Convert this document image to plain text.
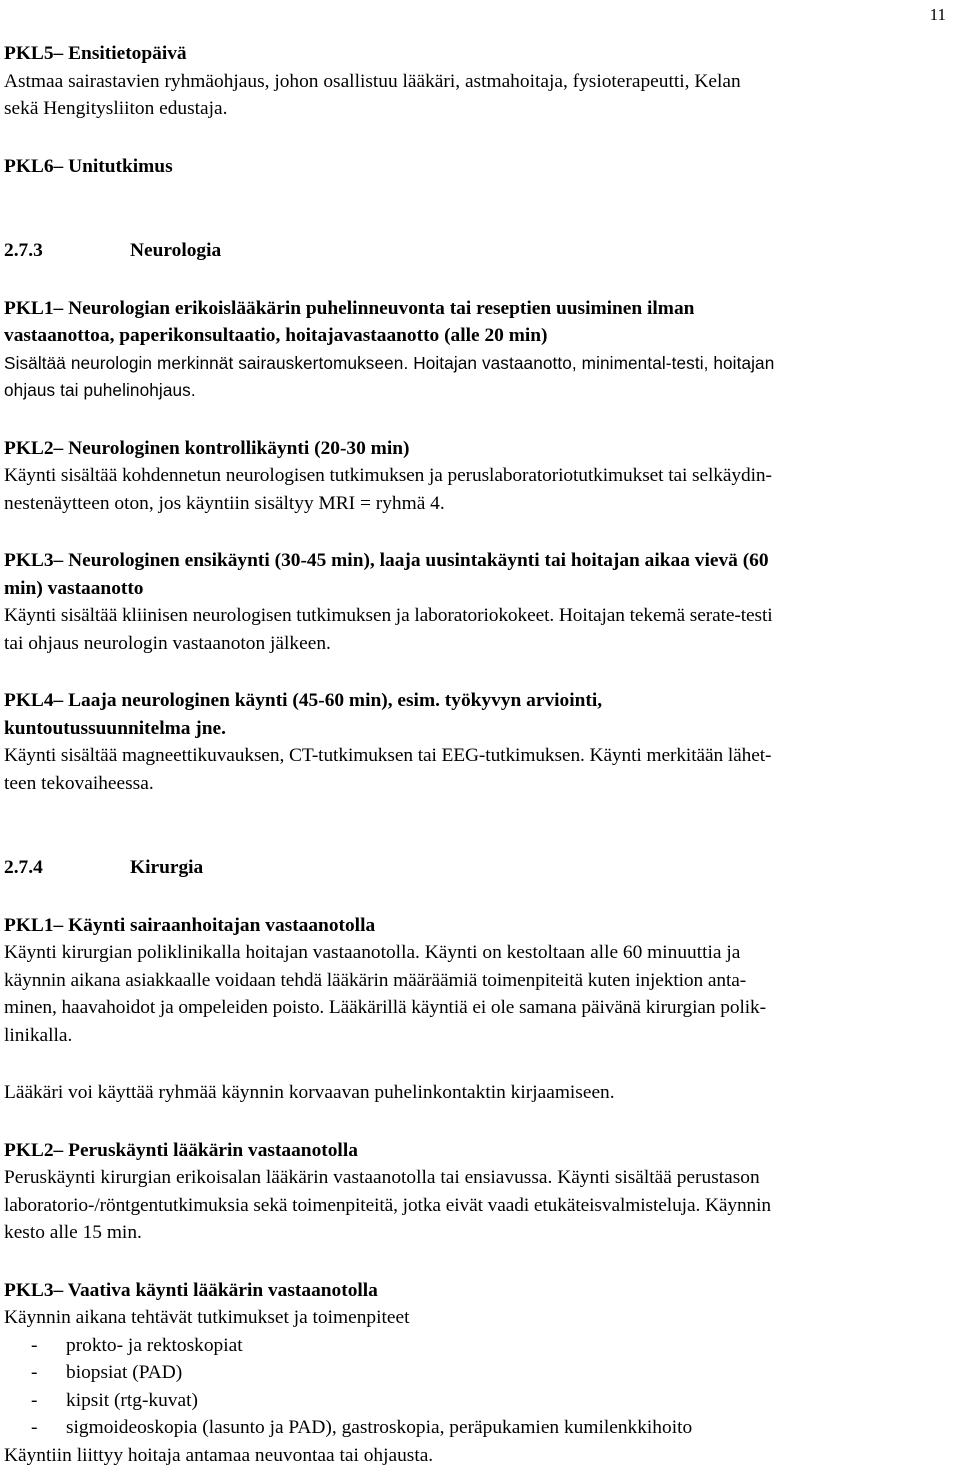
11
PKL5– Ensitietopäivä
Astmaa sairastavien ryhmäohjaus, johon osallistuu lääkäri, astmahoitaja, fysioterapeutti, Kelan
sekä Hengitysliiton edustaja.
PKL6– Unitutkimus
2.7.3	Neurologia
PKL1– Neurologian erikoislääkärin puhelinneuvonta tai reseptien uusiminen ilman
vastaanottoa, paperikonsultaatio, hoitajavastaanotto (alle 20 min)
Sisältää neurologin merkinnät sairauskertomukseen. Hoitajan vastaanotto, minimental-testi, hoitajan
ohjaus tai puhelinohjaus.
PKL2– Neurologinen kontrollikäynti (20-30 min)
Käynti sisältää kohdennetun neurologisen tutkimuksen ja peruslaboratoriotutkimukset tai selkäydin-
nestenäytteen oton, jos käyntiin sisältyy MRI = ryhmä 4.
PKL3– Neurologinen ensikäynti (30-45 min), laaja uusintakäynti tai hoitajan aikaa vievä (60
min) vastaanotto
Käynti sisältää kliinisen neurologisen tutkimuksen ja laboratoriokokeet. Hoitajan tekemä serate-testi
tai ohjaus neurologin vastaanoton jälkeen.
PKL4– Laaja neurologinen käynti (45-60 min), esim. työkyvyn arviointi,
kuntoutussuunnitelma jne.
Käynti sisältää magneettikuvauksen, CT-tutkimuksen tai EEG-tutkimuksen. Käynti merkitään lähet-
teen tekovaiheessa.
2.7.4	Kirurgia
PKL1– Käynti sairaanhoitajan vastaanotolla
Käynti kirurgian poliklinikalla hoitajan vastaanotolla. Käynti on kestoltaan alle 60 minuuttia ja
käynnin aikana asiakkaalle voidaan tehdä lääkärin määräämiä toimenpiteitä kuten injektion anta-
minen, haavahoidot ja ompeleiden poisto. Lääkärillä käyntiä ei ole samana päivänä kirurgian polik-
linikalla.
Lääkäri voi käyttää ryhmää käynnin korvaavan puhelinkontaktin kirjaamiseen.
PKL2– Peruskäynti lääkärin vastaanotolla
Peruskäynti kirurgian erikoisalan lääkärin vastaanotolla tai ensiavussa. Käynti sisältää perustason
laboratorio-/röntgentutkimuksia sekä toimenpiteitä, jotka eivät vaadi etukäteisvalmisteluja. Käynnin
kesto alle 15 min.
PKL3– Vaativa käynti lääkärin vastaanotolla
Käynnin aikana tehtävät tutkimukset ja toimenpiteet
- prokto- ja rektoskopiat
- biopsiat (PAD)
- kipsit (rtg-kuvat)
- sigmoideoskopia (lasunto ja PAD), gastroskopia, peräpukamien kumilenkkihoito
Käyntiin liittyy hoitaja antamaa neuvontaa tai ohjausta.
